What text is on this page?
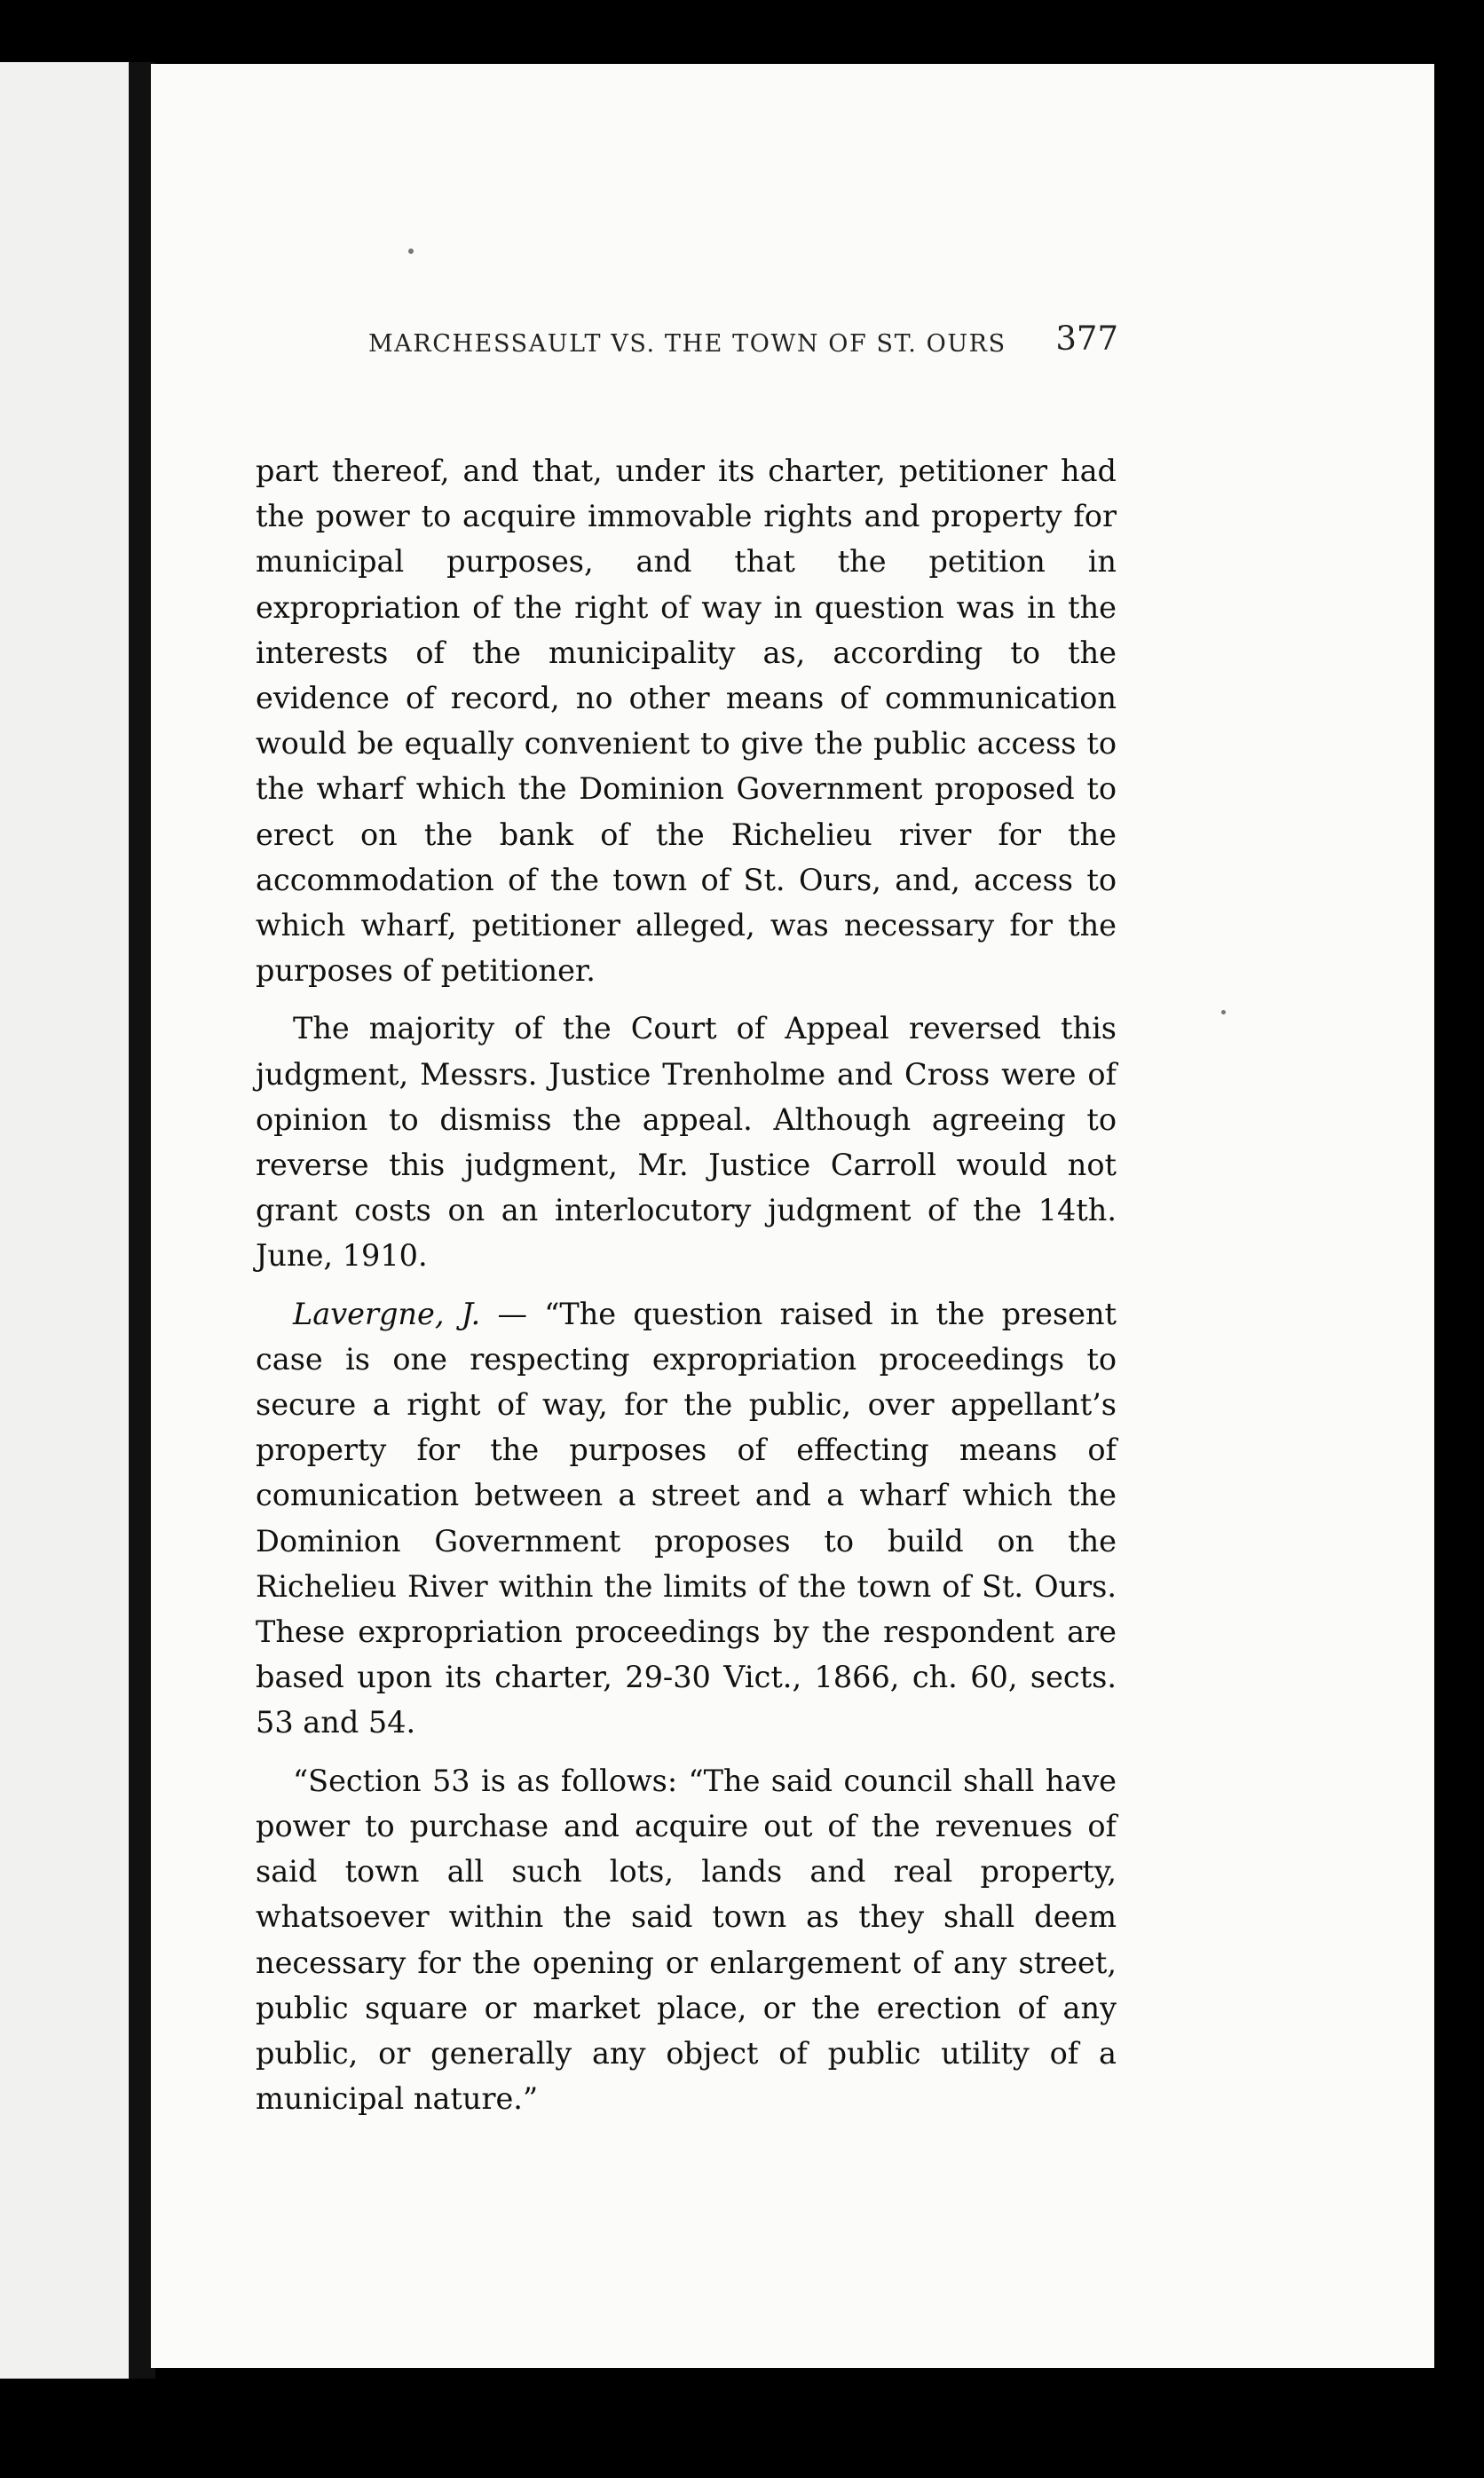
MARCHESSAULT VS. THE TOWN OF ST. OURS 377

part thereof, and that, under its charter, petitioner had the power to acquire immovable rights and property for municipal purposes, and that the petition in expropriation of the right of way in question was in the interests of the municipality as, according to the evidence of record, no other means of communication would be equally convenient to give the public access to the wharf which the Dominion Government proposed to erect on the bank of the Richelieu river for the accommodation of the town of St. Ours, and, access to which wharf, petitioner alleged, was necessary for the purposes of petitioner.

The majority of the Court of Appeal reversed this judgment, Messrs. Justice Trenholme and Cross were of opinion to dismiss the appeal. Although agreeing to reverse this judgment, Mr. Justice Carroll would not grant costs on an interlocutory judgment of the 14th. June, 1910.

Lavergne, J. — “The question raised in the present case is one respecting expropriation proceedings to secure a right of way, for the public, over appellant’s property for the purposes of effecting means of comunication between a street and a wharf which the Dominion Government proposes to build on the Richelieu River within the limits of the town of St. Ours. These expropriation proceedings by the respondent are based upon its charter, 29-30 Vict., 1866, ch. 60, sects. 53 and 54.

“Section 53 is as follows: “The said council shall have power to purchase and acquire out of the revenues of said town all such lots, lands and real property, whatsoever within the said town as they shall deem necessary for the opening or enlargement of any street, public square or market place, or the erection of any public, or generally any object of public utility of a municipal nature.”
